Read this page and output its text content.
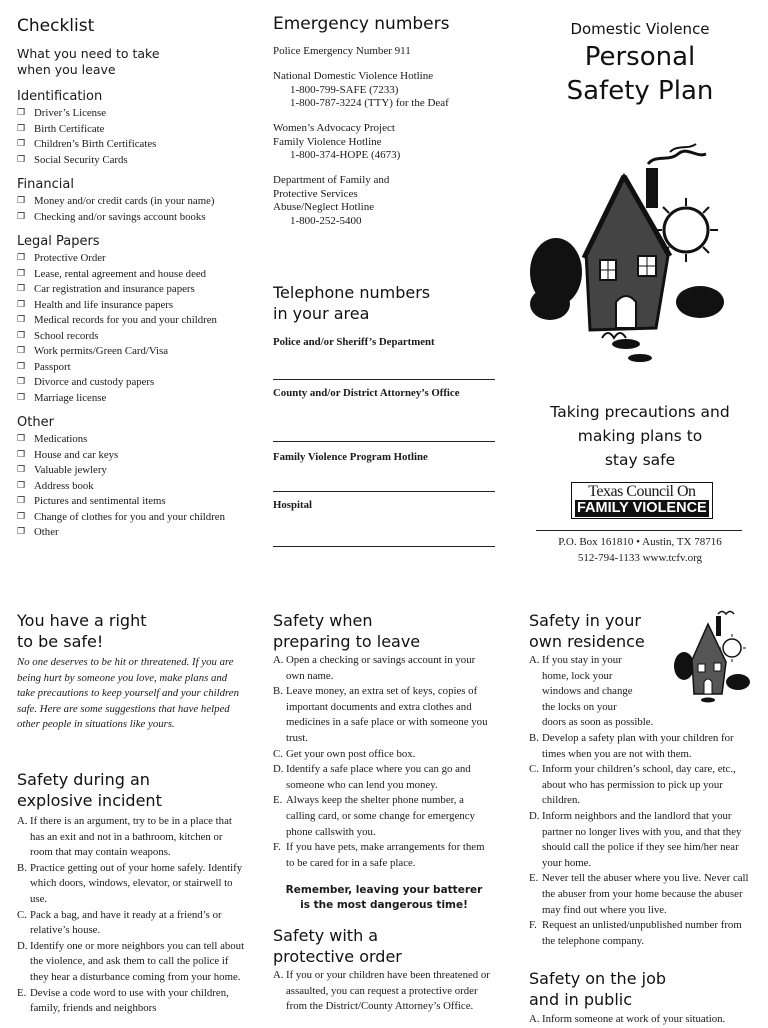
Checklist
What you need to take when you leave
Identification
❒ Driver’s License
❒ Birth Certificate
❒ Children’s Birth Certificates
❒ Social Security Cards
Financial
❒ Money and/or credit cards (in your name)
❒ Checking and/or savings account books
Legal Papers
❒ Protective Order
❒ Lease, rental agreement and house deed
❒ Car registration and insurance papers
❒ Health and life insurance papers
❒ Medical records for you and your children
❒ School records
❒ Work permits/Green Card/Visa
❒ Passport
❒ Divorce and custody papers
❒ Marriage license
Other
❒ Medications
❒ House and car keys
❒ Valuable jewlery
❒ Address book
❒ Pictures and sentimental items
❒ Change of clothes for you and your children
❒ Other
Emergency numbers
Police Emergency Number 911
National Domestic Violence Hotline
1-800-799-SAFE (7233)
1-800-787-3224 (TTY) for the Deaf
Women’s Advocacy Project
Family Violence Hotline
1-800-374-HOPE (4673)
Department of Family and
Protective Services
Abuse/Neglect Hotline
1-800-252-5400
Telephone numbers
in your area
Police and/or Sheriff’s Department
County and/or District Attorney’s Office
Family Violence Program Hotline
Hospital
Domestic Violence
Personal
Safety Plan
Taking precautions and
making plans to
stay safe
Texas Council On
FAMILY VIOLENCE
P.O. Box 161810 • Austin, TX 78716
512-794-1133 www.tcfv.org
You have a right
to be safe!
No one deserves to be hit or threatened. If you are being hurt by someone you love, make plans and take precautions to keep yourself and your children safe. Here are some suggestions that have helped other people in situations like yours.
Safety during an
explosive incident
A. If there is an argument, try to be in a place that has an exit and not in a bathroom, kitchen or room that may contain weapons.
B. Practice getting out of your home safely. Identify which doors, windows, elevator, or stairwell to use.
C. Pack a bag, and have it ready at a friend’s or relative’s house.
D. Identify one or more neighbors you can tell about the violence, and ask them to call the police if they hear a disturbance coming from your home.
E. Devise a code word to use with your children, family, friends and neighbors
Safety when
preparing to leave
A. Open a checking or savings account in your own name.
B. Leave money, an extra set of keys, copies of important documents and extra clothes and medicines in a safe place or with someone you trust.
C. Get your own post office box.
D. Identify a safe place where you can go and someone who can lend you money.
E. Always keep the shelter phone number, a calling card, or some change for emergency phone callswith you.
F. If you have pets, make arrangements for them to be cared for in a safe place.
Remember, leaving your batterer
is the most dangerous time!
Safety with a
protective order
A. If you or your children have been threatened or assaulted, you can request a protective order from the District/County Attorney’s Office.
Safety in your
own residence
A. If you stay in your
home, lock your
windows and change
the locks on your
doors as soon as possible.
B. Develop a safety plan with your children for times when you are not with them.
C. Inform your children’s school, day care, etc., about who has permission to pick up your children.
D. Inform neighbors and the landlord that your partner no longer lives with you, and that they should call the police if they see him/her near your home.
E. Never tell the abuser where you live. Never call the abuser from your home because the abuser may find out where you live.
F. Request an unlisted/unpublished number from the telephone company.
Safety on the job
and in public
A. Inform someone at work of your situation.
